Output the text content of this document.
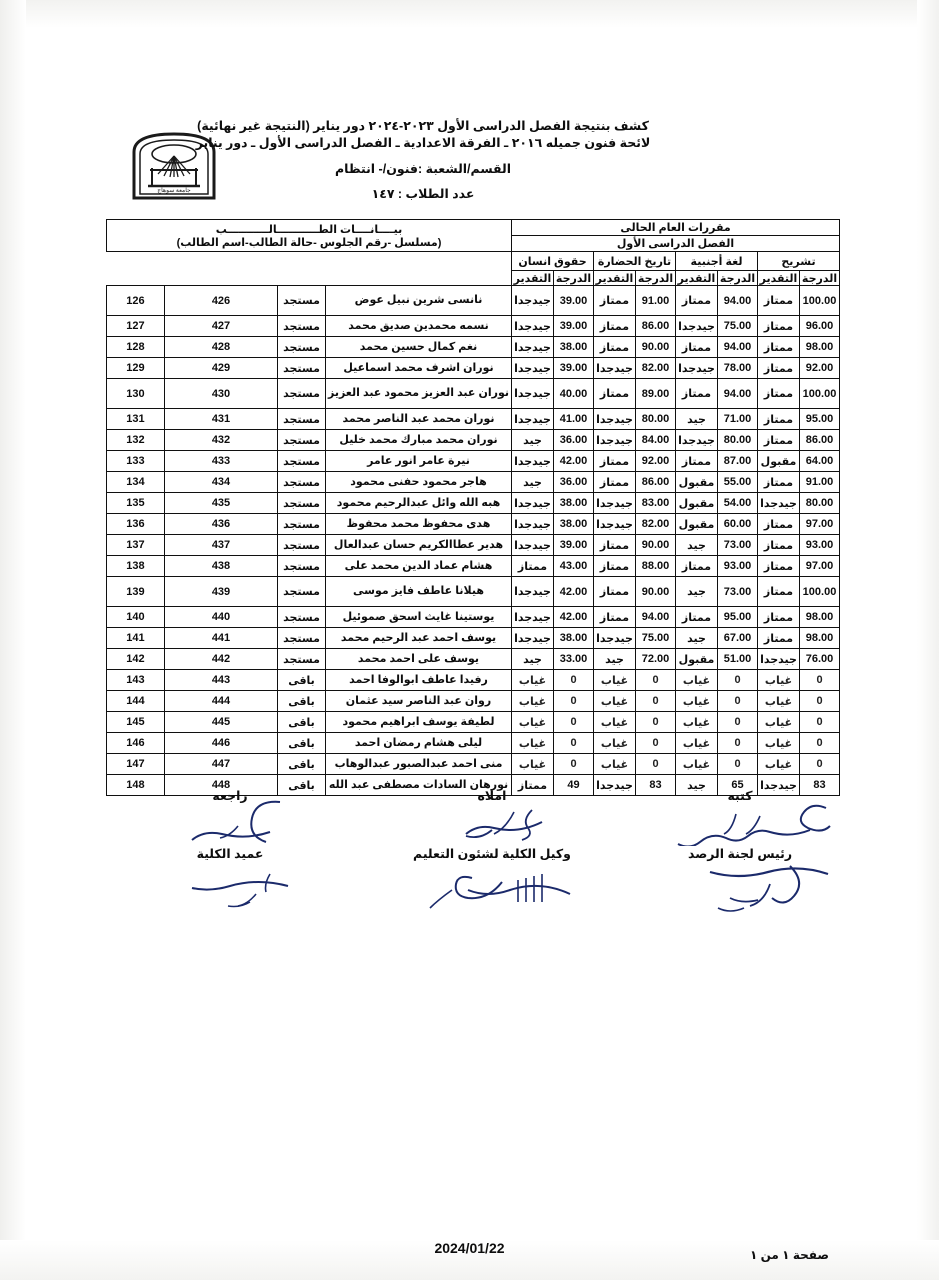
جامعة سوهاج
كشف بنتيجة الفصل الدراسى الأول ٢٠٢٣-٢٠٢٤ دور يناير (النتيجة غير نهائية)
لائحة فنون جميله ٢٠١٦ ـ الفرقة الاعدادية ـ الفصل الدراسى الأول ـ دور يناير
القسم/الشعبة :فنون/- انتظام
عدد الطلاب : ١٤٧
مقررات العام الحالى								بيــــانــــات الطـــــــــــالـــــــــــب
(مسلسل -رقم الجلوس -حالة الطالب-اسم الطالب)			

الفصل الدراسى الأول											
تشريح		لغة أجنبية		تاريخ الحضارة		حقوق انسان					
الدرجة	التقدير	الدرجة	التقدير	الدرجة	التقدير	الدرجة	التقدير				
100.00	ممتاز	94.00	ممتاز	91.00	ممتاز	39.00	جيدجدا	نانسى شرين نبيل عوض	مستجد	426	126
96.00	ممتاز	75.00	جيدجدا	86.00	ممتاز	39.00	جيدجدا	نسمه محمدين صديق محمد	مستجد	427	127
98.00	ممتاز	94.00	ممتاز	90.00	ممتاز	38.00	جيدجدا	نغم كمال حسين محمد	مستجد	428	128
92.00	ممتاز	78.00	جيدجدا	82.00	جيدجدا	39.00	جيدجدا	نوران اشرف محمد اسماعيل	مستجد	429	129
100.00	ممتاز	94.00	ممتاز	89.00	ممتاز	40.00	جيدجدا	نوران عبد العزيز محمود عبد العزيز	مستجد	430	130
95.00	ممتاز	71.00	جيد	80.00	جيدجدا	41.00	جيدجدا	نوران محمد عبد الناصر محمد	مستجد	431	131
86.00	ممتاز	80.00	جيدجدا	84.00	جيدجدا	36.00	جيد	نوران محمد مبارك محمد خليل	مستجد	432	132
64.00	مقبول	87.00	ممتاز	92.00	ممتاز	42.00	جيدجدا	نيرة عامر انور عامر	مستجد	433	133
91.00	ممتاز	55.00	مقبول	86.00	ممتاز	36.00	جيد	هاجر محمود حفنى محمود	مستجد	434	134
80.00	جيدجدا	54.00	مقبول	83.00	جيدجدا	38.00	جيدجدا	هبه الله وائل عبدالرحيم محمود	مستجد	435	135
97.00	ممتاز	60.00	مقبول	82.00	جيدجدا	38.00	جيدجدا	هدى محفوظ محمد محفوظ	مستجد	436	136
93.00	ممتاز	73.00	جيد	90.00	ممتاز	39.00	جيدجدا	هدير عطاالكريم حسان عبدالعال	مستجد	437	137
97.00	ممتاز	93.00	ممتاز	88.00	ممتاز	43.00	ممتاز	هشام عماد الدين محمد على	مستجد	438	138
100.00	ممتاز	73.00	جيد	90.00	ممتاز	42.00	جيدجدا	هيلانا عاطف فايز موسى	مستجد	439	139
98.00	ممتاز	95.00	ممتاز	94.00	ممتاز	42.00	جيدجدا	يوستينا غايث اسحق صموئيل	مستجد	440	140
98.00	ممتاز	67.00	جيد	75.00	جيدجدا	38.00	جيدجدا	يوسف احمد عبد الرحيم محمد	مستجد	441	141
76.00	جيدجدا	51.00	مقبول	72.00	جيد	33.00	جيد	يوسف على احمد محمد	مستجد	442	142
0	غياب	0	غياب	0	غياب	0	غياب	رفيدا عاطف ابوالوفا احمد	باقى	443	143
0	غياب	0	غياب	0	غياب	0	غياب	روان عبد الناصر سيد عثمان	باقى	444	144
0	غياب	0	غياب	0	غياب	0	غياب	لطيفة يوسف ابراهيم محمود	باقى	445	145
0	غياب	0	غياب	0	غياب	0	غياب	ليلى هشام رمضان احمد	باقى	446	146
0	غياب	0	غياب	0	غياب	0	غياب	منى احمد عبدالصبور عبدالوهاب	باقى	447	147
83	جيدجدا	65	جيد	83	جيدجدا	49	ممتاز	نورهان السادات مصطفى عبد الله	باقى	448	148
كتبه
رئيس لجنة الرصد
املاه
وكيل الكلية لشئون التعليم
راجعه
عميد الكلية
2024/01/22	صفحة ١ من ١
